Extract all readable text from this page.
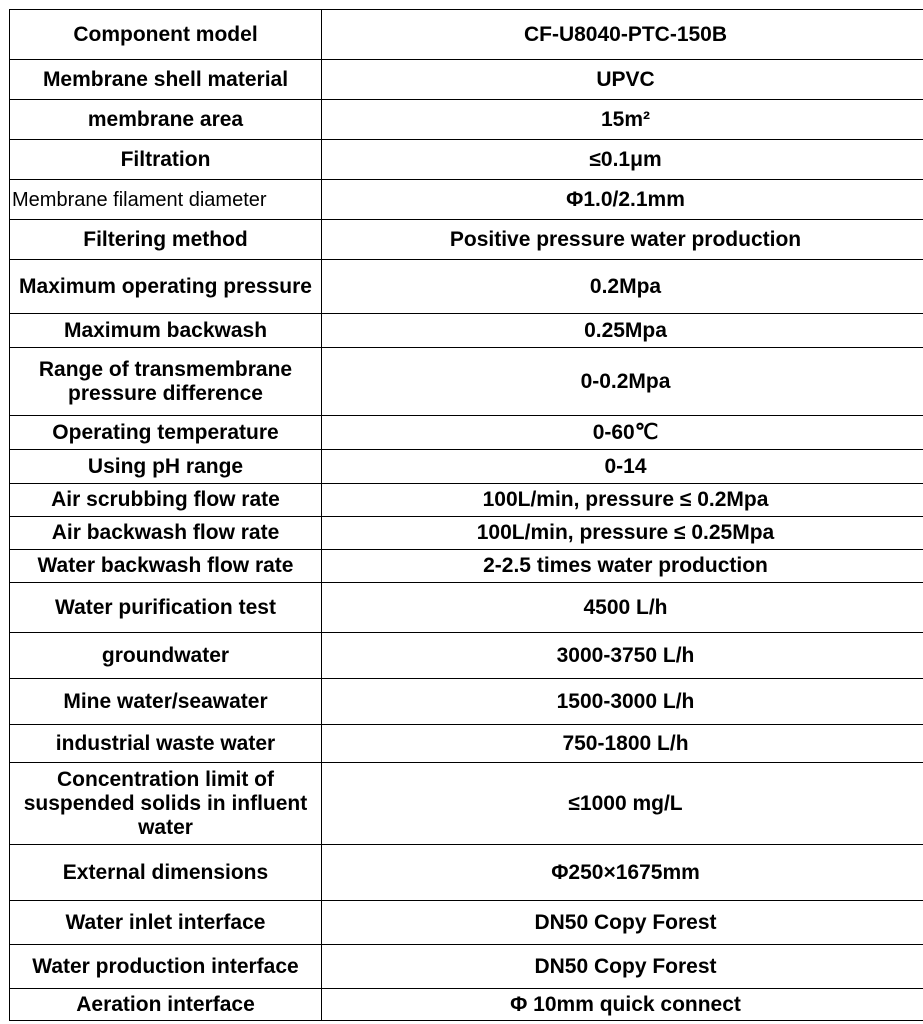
Component model	CF-U8040-PTC-150B
Membrane shell material	UPVC
membrane area	15m²
Filtration	≤0.1μm
Membrane filament diameter	Φ1.0/2.1mm
Filtering method	Positive pressure water production
Maximum operating pressure	0.2Mpa
Maximum backwash	0.25Mpa
Range of transmembrane pressure difference	0-0.2Mpa
Operating temperature	0-60℃
Using pH range	0-14
Air scrubbing flow rate	100L/min, pressure ≤ 0.2Mpa
Air backwash flow rate	100L/min, pressure ≤ 0.25Mpa
Water backwash flow rate	2-2.5 times water production
Water purification test	4500 L/h
groundwater	3000-3750 L/h
Mine water/seawater	1500-3000 L/h
industrial waste water	750-1800 L/h
Concentration limit of suspended solids in influent water	≤1000 mg/L
External dimensions	Φ250×1675mm
Water inlet interface	DN50 Copy Forest
Water production interface	DN50 Copy Forest
Aeration interface	Φ 10mm quick connect
